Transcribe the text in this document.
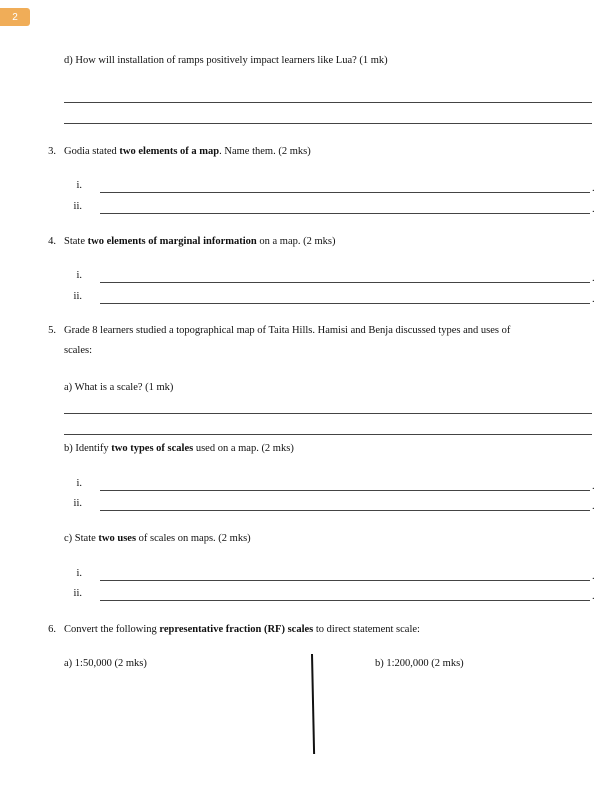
2
d) How will installation of ramps positively impact learners like Lua? (1 mk)
3. Godia stated two elements of a map. Name them. (2 mks)
i.	.
ii.	.
4. State two elements of marginal information on a map. (2 mks)
i.	.
ii.	.
5. Grade 8 learners studied a topographical map of Taita Hills. Hamisi and Benja discussed types and uses of
scales:
a) What is a scale? (1 mk)
b) Identify two types of scales used on a map. (2 mks)
i.	.
ii.	.
c) State two uses of scales on maps. (2 mks)
i.	.
ii.	.
6. Convert the following representative fraction (RF) scales to direct statement scale:
a) 1:50,000 (2 mks)	b) 1:200,000 (2 mks)
